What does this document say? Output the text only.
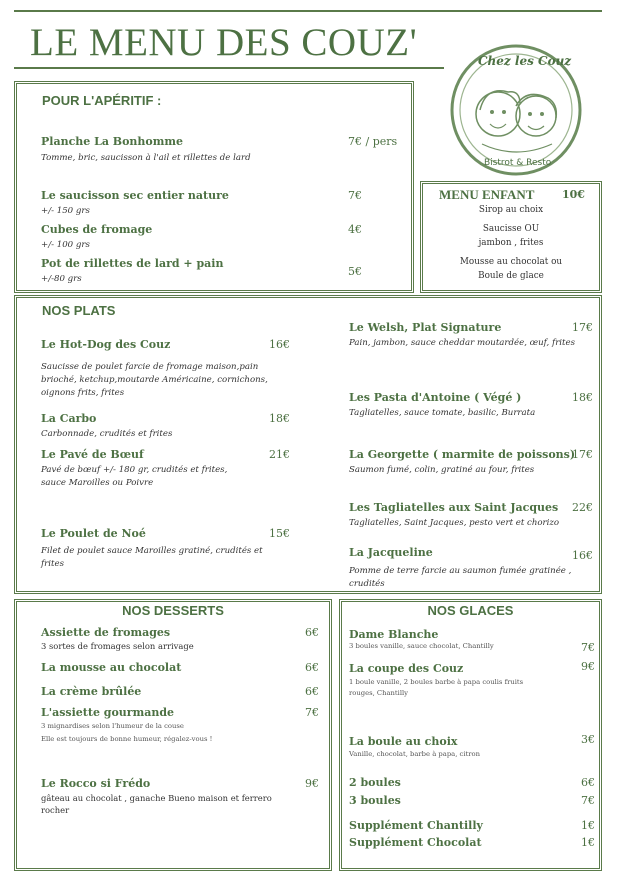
LE MENU DES COUZ'	Chez les Couz
Bistrot & Resto
POUR L'APÉRITIF :
Planche La Bonhomme	7€ / pers
Tomme, bric, saucisson à l'ail et rillettes de lard
Le saucisson sec entier nature	7€
+/- 150 grs
Cubes de fromage	4€
+/- 100 grs
Pot de rillettes de lard + pain
5€
+/-80 grs
MENU ENFANT	10€
Sirop au choix
Saucisse OU
jambon , frites
Mousse au chocolat ou
Boule de glace
NOS PLATS
Le Hot-Dog des Couz	16€
Saucisse de poulet farcie de fromage maison,pain brioché, ketchup,moutarde Américaine, cornichons, oignons frits, frites
La Carbo	18€
Carbonnade, crudités et frites
Le Pavé de Bœuf	21€
Pavé de bœuf +/- 180 gr, crudités et frites, sauce Maroilles ou Poivre
Le Poulet de Noé	15€
Filet de poulet sauce Maroilles gratiné, crudités et frites
Le Welsh, Plat Signature	17€
Pain, jambon, sauce cheddar moutardée, œuf, frites
Les Pasta d'Antoine ( Végé )	18€
Tagliatelles, sauce tomate, basilic, Burrata
La Georgette ( marmite de poissons)
17€
Saumon fumé, colin, gratiné au four, frites
Les Tagliatelles aux Saint Jacques 22€
Tagliatelles, Saint Jacques, pesto vert et chorizo
La Jacqueline	16€
Pomme de terre farcie au saumon fumée gratinée , crudités
NOS DESSERTS
Assiette de fromages	6€
3 sortes de fromages selon arrivage
La mousse au chocolat	6€
La crème brûlée	6€
L'assiette gourmande	7€
3 mignardises selon l'humeur de la couse
Elle est toujours de bonne humeur, régalez-vous !
Le Rocco si Frédo	9€
gâteau au chocolat , ganache Bueno maison et ferrero rocher
NOS GLACES
Dame Blanche
3 boules vanille, sauce chocolat, Chantilly	7€
La coupe des Couz	9€
1 boule vanille, 2 boules barbe à papa coulis fruits rouges, Chantilly
La boule au choix	3€
Vanille, chocolat, barbe à papa, citron
2 boules	6€
3 boules	7€
Supplément Chantilly	1€
Supplément Chocolat	1€
